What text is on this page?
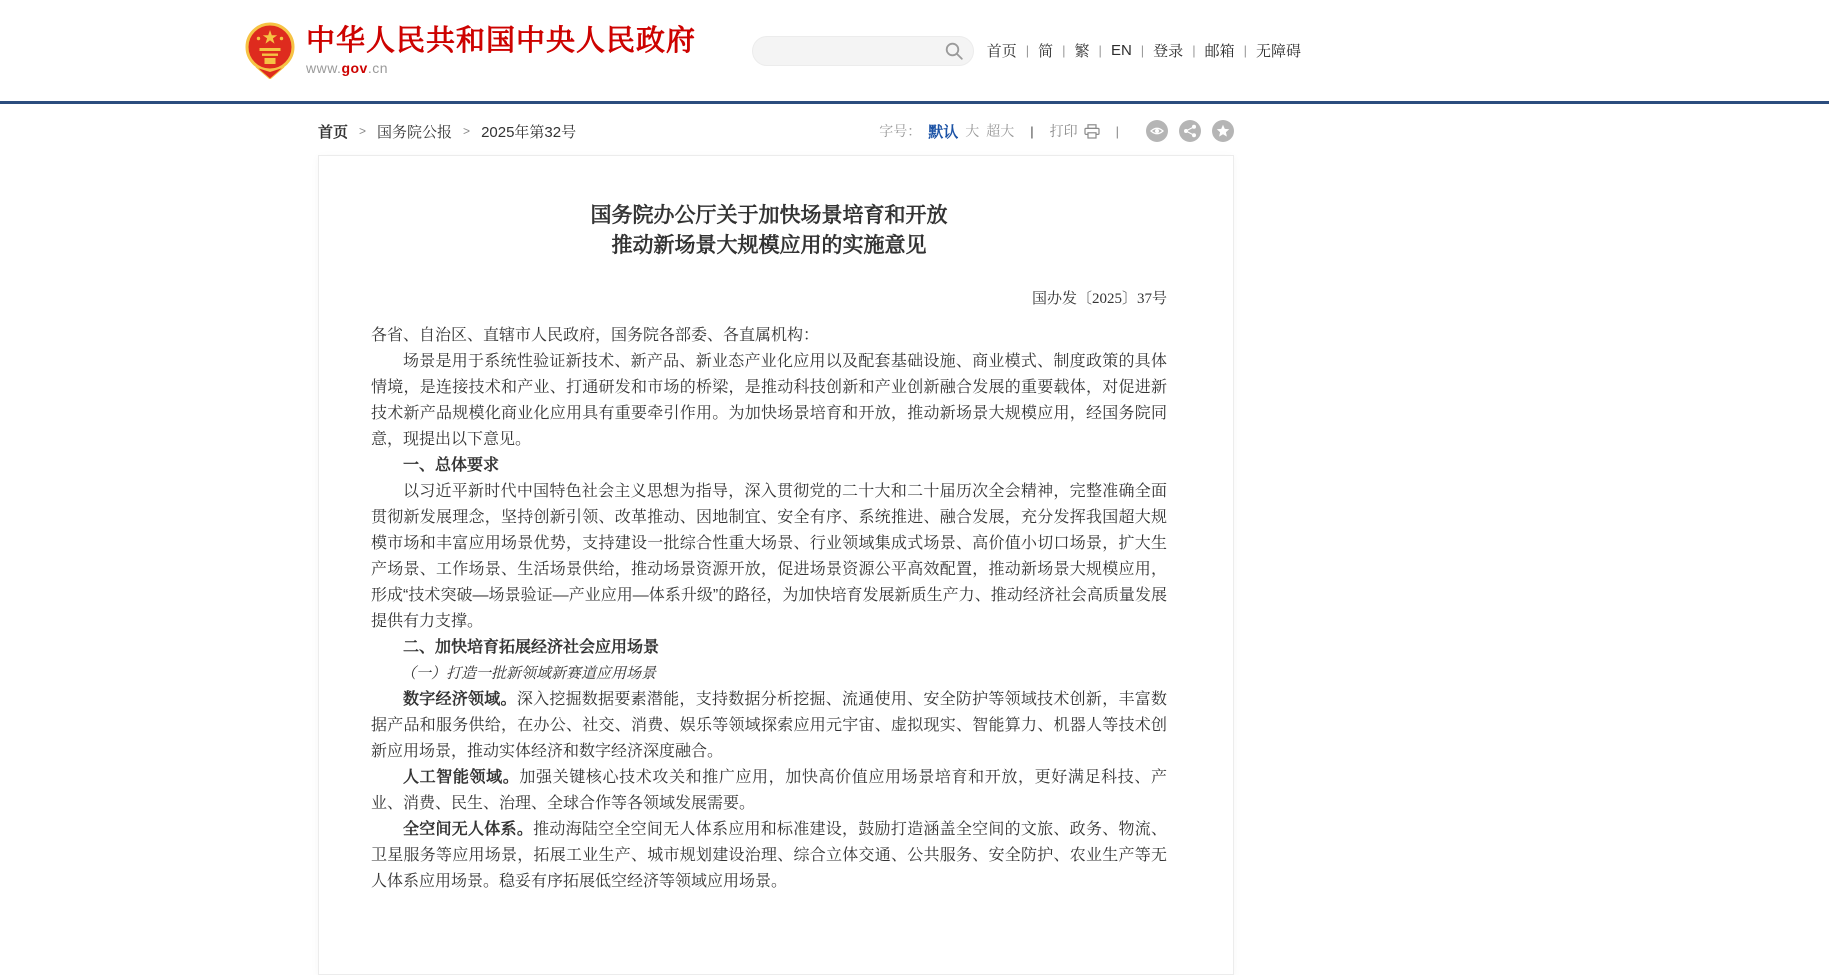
中华人民共和国中央人民政府
www.gov.cn
首页 | 简 | 繁 | EN | 登录 | 邮箱 | 无障碍
首页 > 国务院公报 > 2025年第32号	字号： 默认 大 超大 | 打印	|
国务院办公厅关于加快场景培育和开放
推动新场景大规模应用的实施意见
国办发〔2025〕37号

各省、自治区、直辖市人民政府，国务院各部委、各直属机构：

场景是用于系统性验证新技术、新产品、新业态产业化应用以及配套基础设施、商业模式、制度政策的具体情境，是连接技术和产业、打通研发和市场的桥梁，是推动科技创新和产业创新融合发展的重要载体，对促进新技术新产品规模化商业化应用具有重要牵引作用。为加快场景培育和开放，推动新场景大规模应用，经国务院同意，现提出以下意见。

一、总体要求

以习近平新时代中国特色社会主义思想为指导，深入贯彻党的二十大和二十届历次全会精神，完整准确全面贯彻新发展理念，坚持创新引领、改革推动、因地制宜、安全有序、系统推进、融合发展，充分发挥我国超大规模市场和丰富应用场景优势，支持建设一批综合性重大场景、行业领域集成式场景、高价值小切口场景，扩大生产场景、工作场景、生活场景供给，推动场景资源开放，促进场景资源公平高效配置，推动新场景大规模应用，形成“技术突破—场景验证—产业应用—体系升级”的路径，为加快培育发展新质生产力、推动经济社会高质量发展提供有力支撑。

二、加快培育拓展经济社会应用场景

（一）打造一批新领域新赛道应用场景

数字经济领域。深入挖掘数据要素潜能，支持数据分析挖掘、流通使用、安全防护等领域技术创新，丰富数据产品和服务供给，在办公、社交、消费、娱乐等领域探索应用元宇宙、虚拟现实、智能算力、机器人等技术创新应用场景，推动实体经济和数字经济深度融合。

人工智能领域。加强关键核心技术攻关和推广应用，加快高价值应用场景培育和开放，更好满足科技、产业、消费、民生、治理、全球合作等各领域发展需要。

全空间无人体系。推动海陆空全空间无人体系应用和标准建设，鼓励打造涵盖全空间的文旅、政务、物流、卫星服务等应用场景，拓展工业生产、城市规划建设治理、综合立体交通、公共服务、安全防护、农业生产等无人体系应用场景。稳妥有序拓展低空经济等领域应用场景。
